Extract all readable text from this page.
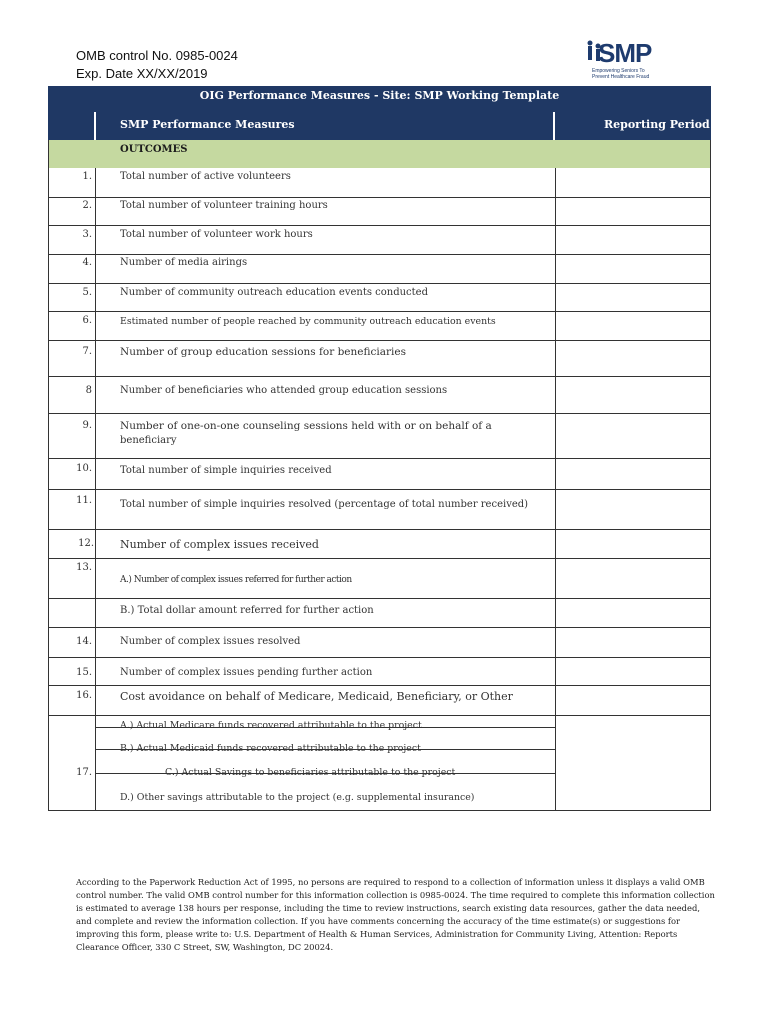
OMB control No. 0985-0024
Exp. Date XX/XX/2019
SMP
Empowering Seniors To
Prevent Healthcare Fraud
OIG Performance Measures - Site: SMP Working Template
SMP Performance Measures	Reporting Period
OUTCOMES
1.
2.
3.
4.
5.
6.
7.
8
9.
10.
11.
12.
13.
14.
15.
16.
17.
Total number of active volunteers
Total number of volunteer training hours
Total number of volunteer work hours
Number of media airings
Number of community outreach education events conducted
Estimated number of people reached by community outreach education events
Number of group education sessions for beneficiaries
Number of beneficiaries who attended group education sessions
Number of one-on-one counseling sessions held with or on behalf of a
beneficiary
Total number of simple inquiries received
Total number of simple inquiries resolved (percentage of total number received)
Number of complex issues received
A.) Number of complex issues referred for further action
B.) Total dollar amount referred for further action
Number of complex issues resolved
Number of complex issues pending further action
Cost avoidance on behalf of Medicare, Medicaid, Beneficiary, or Other
A.) Actual Medicare funds recovered attributable to the project
B.) Actual Medicaid funds recovered attributable to the project
C.) Actual Savings to beneficiaries attributable to the project
D.) Other savings attributable to the project (e.g. supplemental insurance)
According to the Paperwork Reduction Act of 1995, no persons are required to respond to a collection of information unless it displays a valid OMB control number. The valid OMB control number for this information collection is 0985-0024. The time required to complete this information collection is estimated to average 138 hours per response, including the time to review instructions, search existing data resources, gather the data needed, and complete and review the information collection. If you have comments concerning the accuracy of the time estimate(s) or suggestions for improving this form, please write to: U.S. Department of Health & Human Services, Administration for Community Living, Attention: Reports Clearance Officer, 330 C Street, SW, Washington, DC 20024.
